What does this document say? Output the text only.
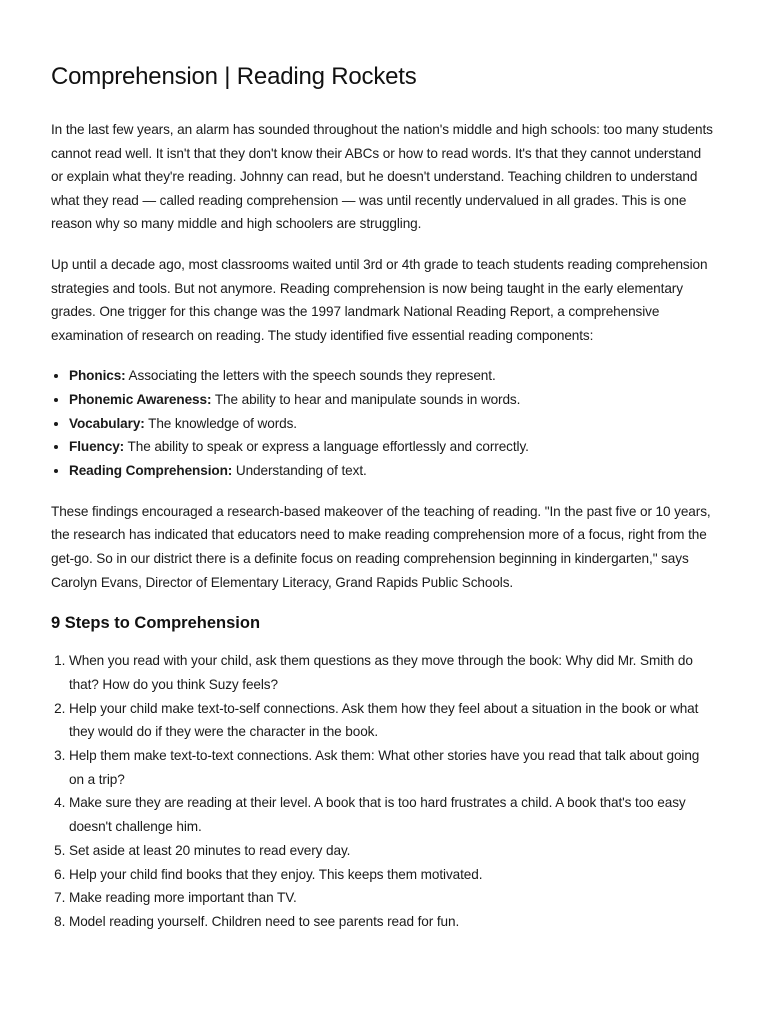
Comprehension | Reading Rockets

In the last few years, an alarm has sounded throughout the nation's middle and high schools: too many students cannot read well. It isn't that they don't know their ABCs or how to read words. It's that they cannot understand or explain what they're reading. Johnny can read, but he doesn't understand. Teaching children to understand what they read — called reading comprehension — was until recently undervalued in all grades. This is one reason why so many middle and high schoolers are struggling.

Up until a decade ago, most classrooms waited until 3rd or 4th grade to teach students reading comprehension strategies and tools. But not anymore. Reading comprehension is now being taught in the early elementary grades. One trigger for this change was the 1997 landmark National Reading Report, a comprehensive examination of research on reading. The study identified five essential reading components:

• Phonics: Associating the letters with the speech sounds they represent.
• Phonemic Awareness: The ability to hear and manipulate sounds in words.
• Vocabulary: The knowledge of words.
• Fluency: The ability to speak or express a language effortlessly and correctly.
• Reading Comprehension: Understanding of text.

These findings encouraged a research-based makeover of the teaching of reading. "In the past five or 10 years, the research has indicated that educators need to make reading comprehension more of a focus, right from the get-go. So in our district there is a definite focus on reading comprehension beginning in kindergarten," says Carolyn Evans, Director of Elementary Literacy, Grand Rapids Public Schools.

9 Steps to Comprehension
1. When you read with your child, ask them questions as they move through the book: Why did Mr. Smith do that? How do you think Suzy feels?
2. Help your child make text-to-self connections. Ask them how they feel about a situation in the book or what they would do if they were the character in the book.
3. Help them make text-to-text connections. Ask them: What other stories have you read that talk about going on a trip?
4. Make sure they are reading at their level. A book that is too hard frustrates a child. A book that's too easy doesn't challenge him.
5. Set aside at least 20 minutes to read every day.
6. Help your child find books that they enjoy. This keeps them motivated.
7. Make reading more important than TV.
8. Model reading yourself. Children need to see parents read for fun.
